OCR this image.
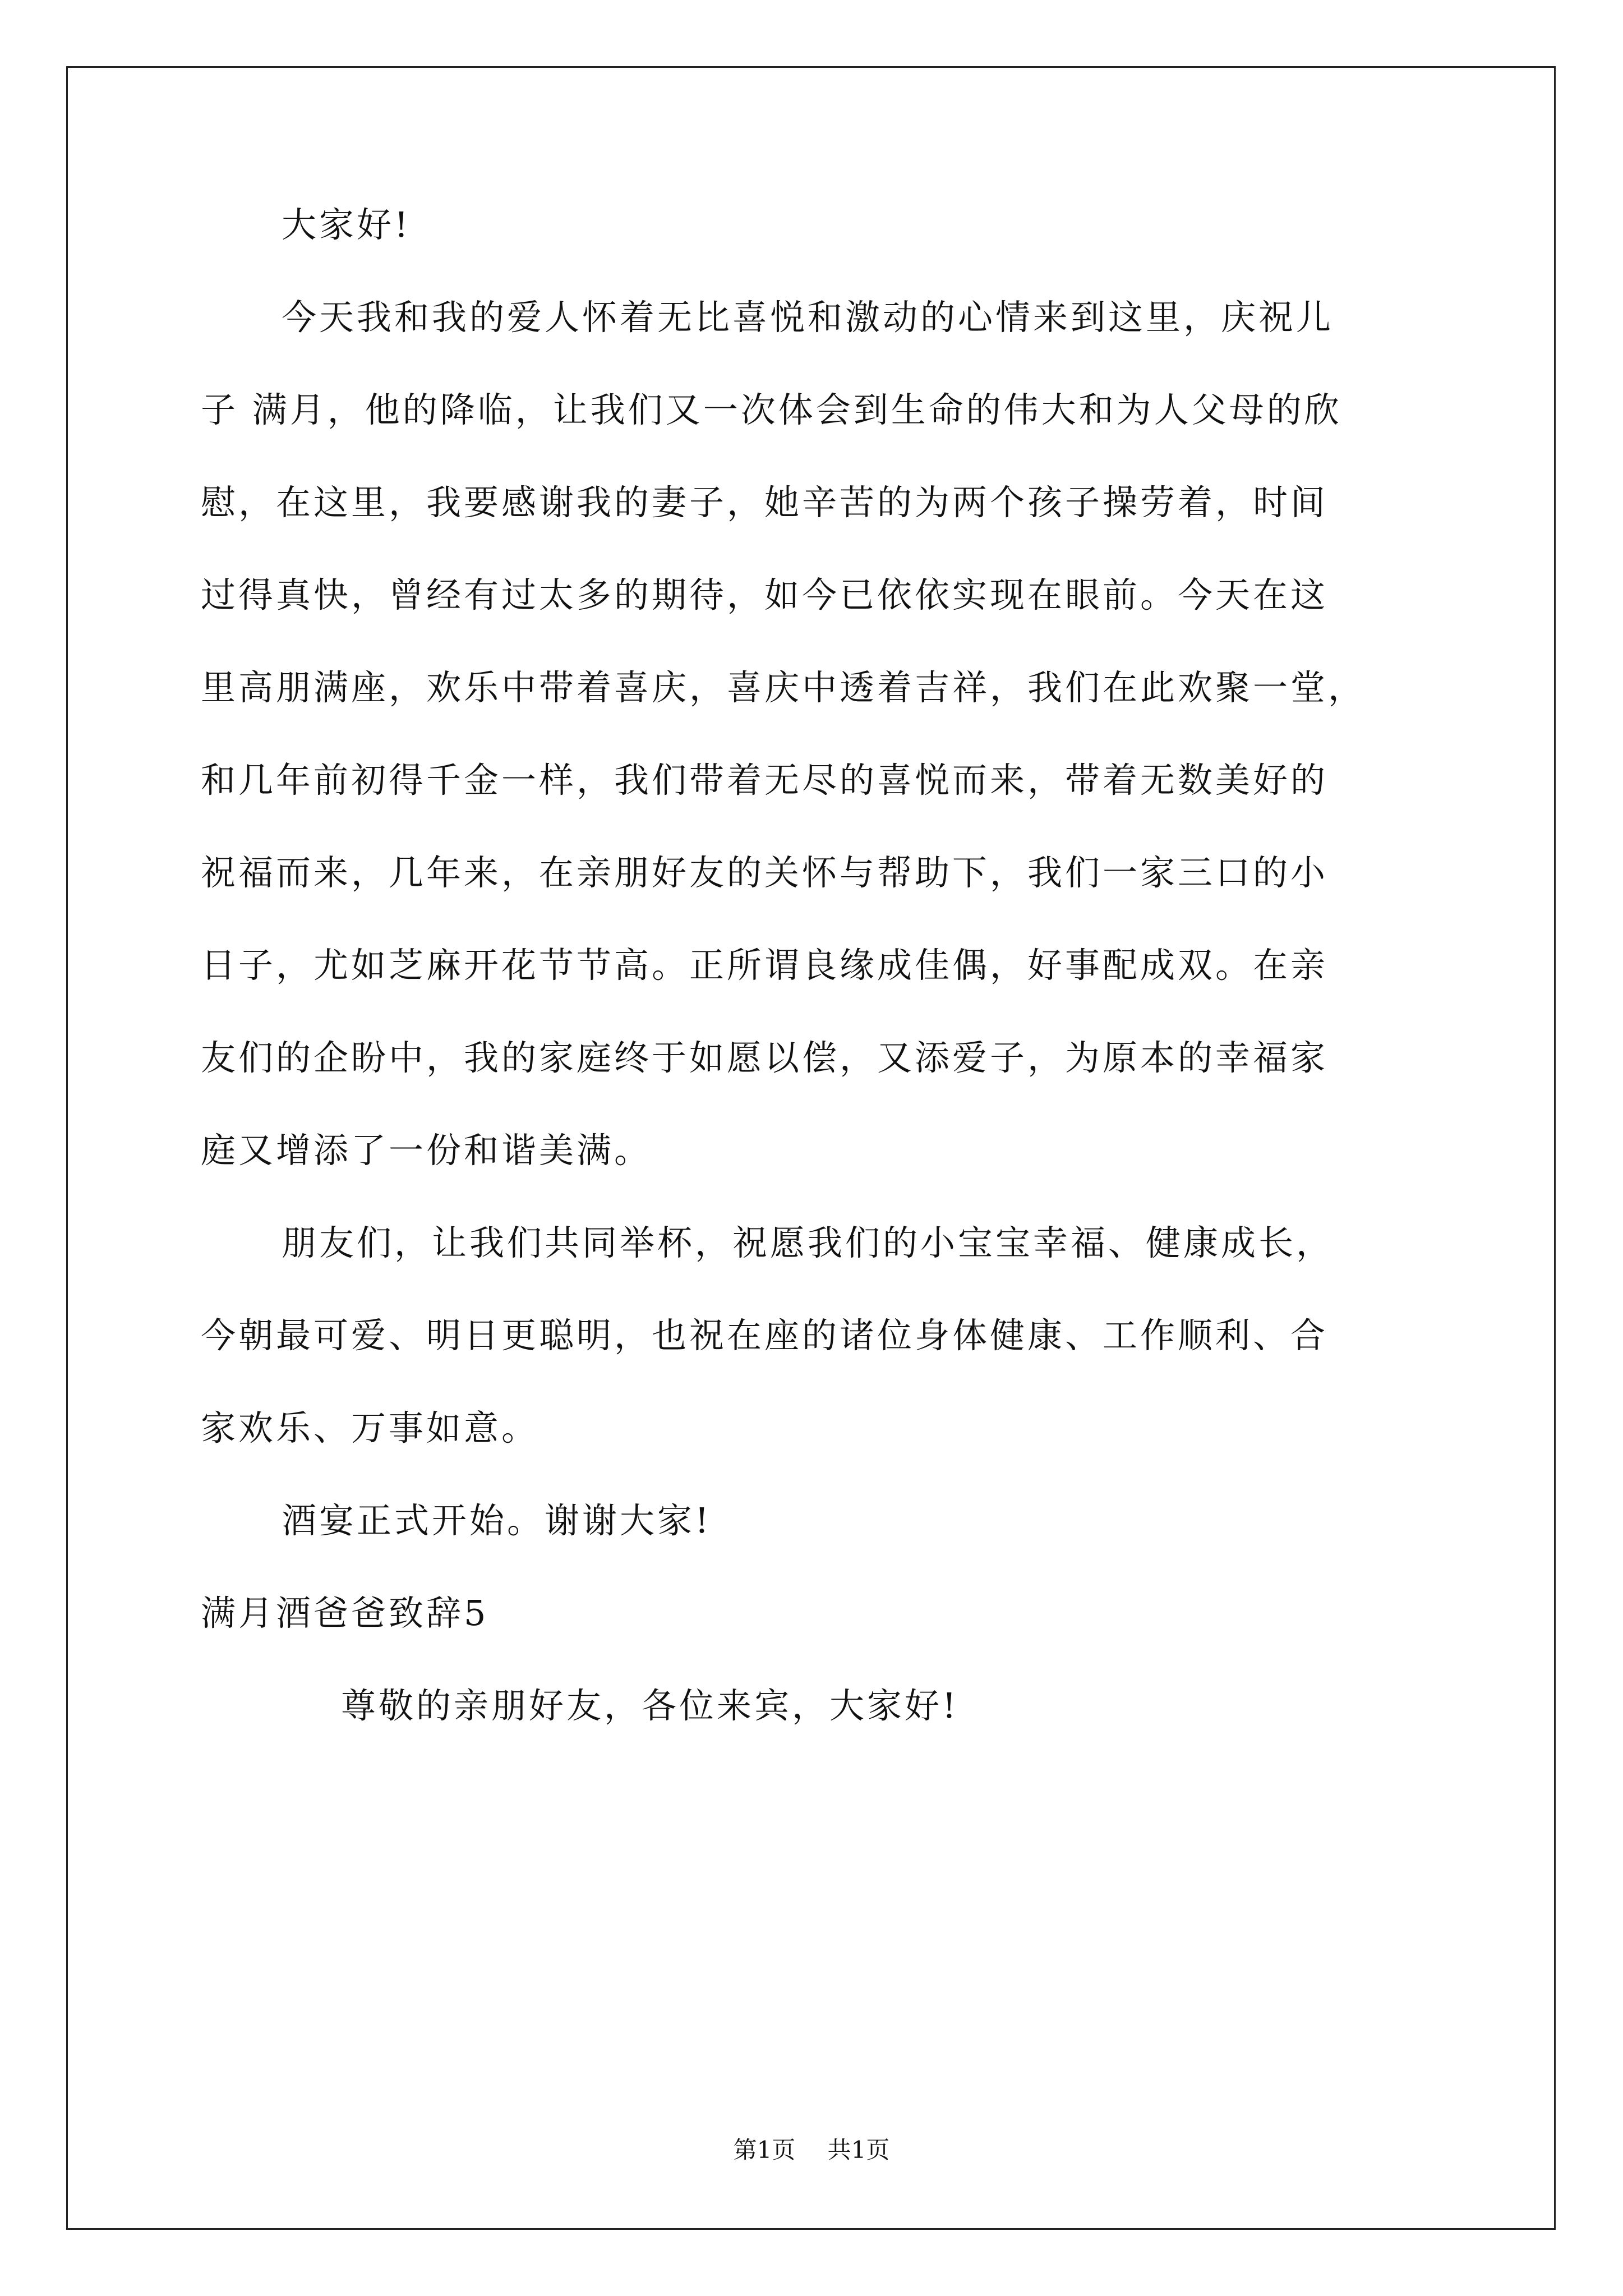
大家好!
今天我和我的爱人怀着无比喜悦和激动的心情来到这里，庆祝儿
子 满月，他的降临，让我们又一次体会到生命的伟大和为人父母的欣
慰，在这里，我要感谢我的妻子，她辛苦的为两个孩子操劳着，时间
过得真快，曾经有过太多的期待，如今已依依实现在眼前。今天在这
里高朋满座，欢乐中带着喜庆，喜庆中透着吉祥，我们在此欢聚一堂，
和几年前初得千金一样，我们带着无尽的喜悦而来，带着无数美好的
祝福而来，几年来，在亲朋好友的关怀与帮助下，我们一家三口的小
日子，尤如芝麻开花节节高。正所谓良缘成佳偶，好事配成双。在亲
友们的企盼中，我的家庭终于如愿以偿，又添爱子，为原本的幸福家
庭又增添了一份和谐美满。
朋友们，让我们共同举杯，祝愿我们的小宝宝幸福、健康成长，
今朝最可爱、明日更聪明，也祝在座的诸位身体健康、工作顺利、合
家欢乐、万事如意。
酒宴正式开始。谢谢大家!
满月酒爸爸致辞5
尊敬的亲朋好友，各位来宾，大家好!
第1页 共1页
